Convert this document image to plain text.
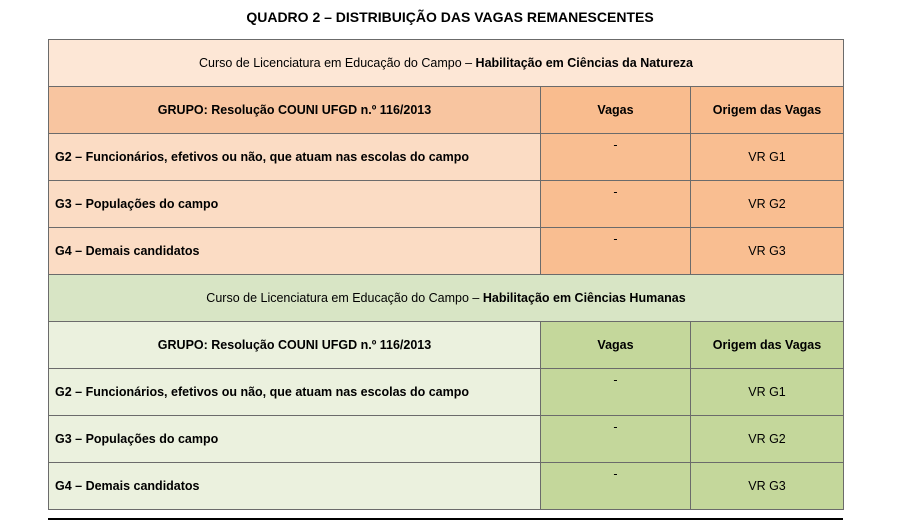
QUADRO 2 – DISTRIBUIÇÃO DAS VAGAS REMANESCENTES
Curso de Licenciatura em Educação do Campo – Habilitação em Ciências da Natureza		
GRUPO: Resolução COUNI UFGD n.º 116/2013	Vagas	Origem das Vagas
G2 – Funcionários, efetivos ou não, que atuam nas escolas do campo	-	VR G1
G3 – Populações do campo	-	VR G2
G4 – Demais candidatos	-	VR G3
Curso de Licenciatura em Educação do Campo – Habilitação em Ciências Humanas		
GRUPO: Resolução COUNI UFGD n.º 116/2013	Vagas	Origem das Vagas
G2 – Funcionários, efetivos ou não, que atuam nas escolas do campo	-	VR G1
G3 – Populações do campo	-	VR G2
G4 – Demais candidatos	-	VR G3
